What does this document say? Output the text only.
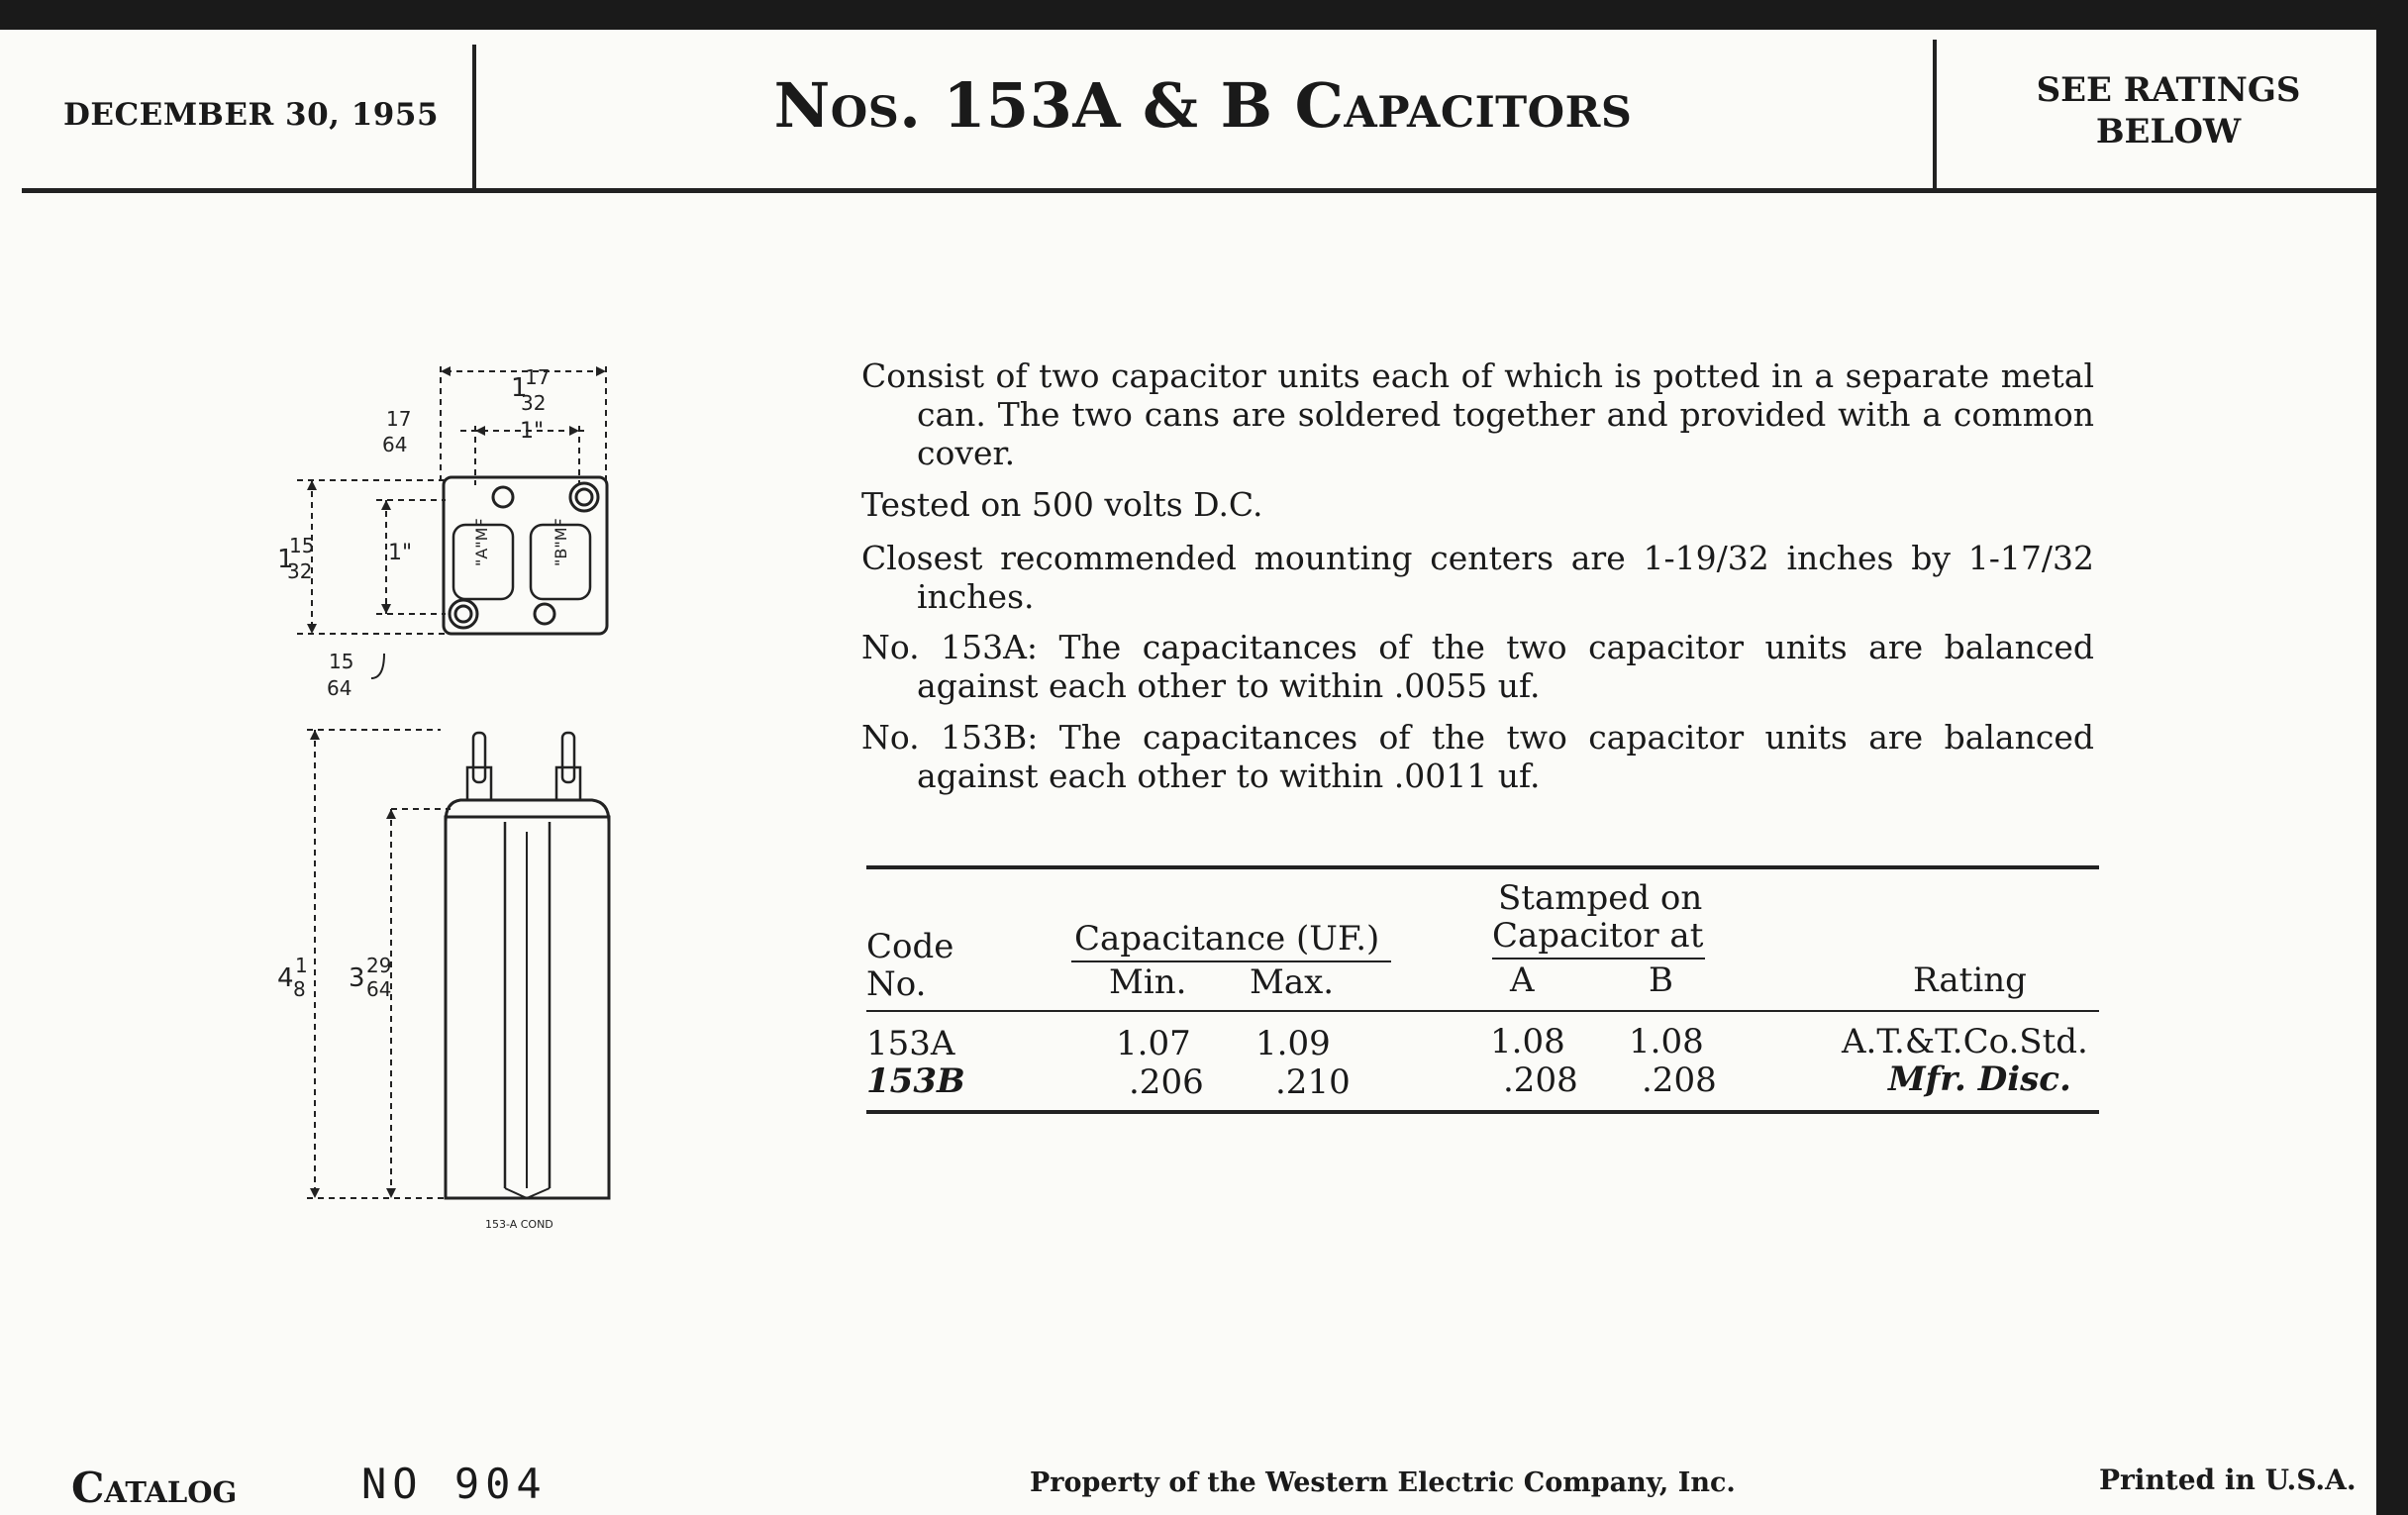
DECEMBER 30, 1955	Nos. 153A & B Capacitors	SEE RATINGS
BELOW
1
17
32
17
64
1"
1
15
32
1"
15
64
4 1
8 3 29
64
"A"MF	"B"MF
153-A COND
Consist of two capacitor units each of which is potted in a separate metal can. The two cans are soldered together and provided with a common cover.
Tested on 500 volts D.C.
Closest recommended mounting centers are 1-19/32 inches by 1-17/32 inches.
No. 153A: The capacitances of the two capacitor units are balanced against each other to within .0055 uf.
No. 153B: The capacitances of the two capacitor units are balanced against each other to within .0011 uf.
Code
No.
Capacitance (UF.)
Min. Max.
Stamped on
Capacitor at
A	B	Rating
153A	1.07 1.09	1.08 1.08	A.T.&T.Co.Std.
153B	.206 .210	.208 .208	Mfr. Disc.
Catalog	NO 904	Property of the Western Electric Company, Inc.	Printed in U.S.A.
